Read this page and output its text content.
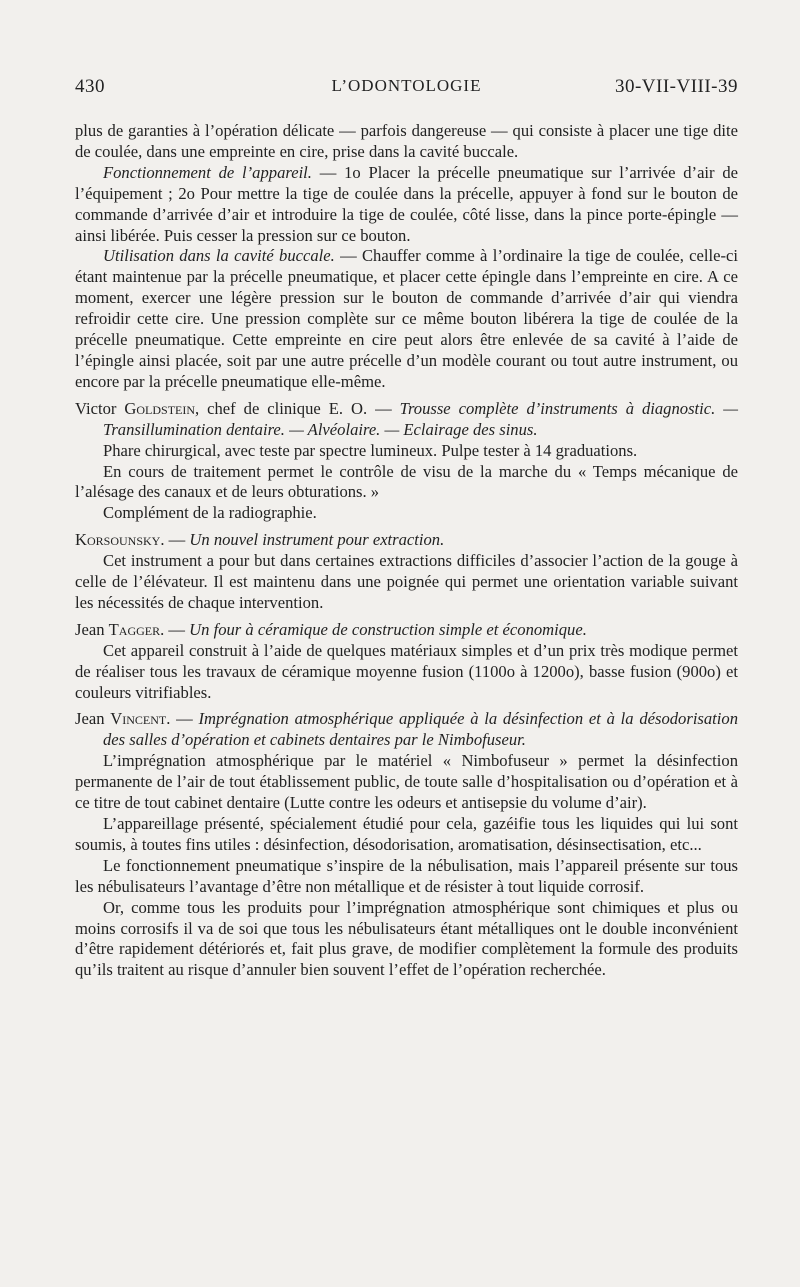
430	L’ODONTOLOGIE	30-VII-VIII-39

plus de garanties à l’opération délicate — parfois dangereuse — qui consiste à placer une tige dite de coulée, dans une empreinte en cire, prise dans la cavité buccale.

Fonctionnement de l’appareil. — 1o Placer la précelle pneumatique sur l’arrivée d’air de l’équipement ; 2o Pour mettre la tige de coulée dans la précelle, appuyer à fond sur le bouton de commande d’arrivée d’air et introduire la tige de coulée, côté lisse, dans la pince porte-épingle — ainsi libérée. Puis cesser la pression sur ce bouton.

Utilisation dans la cavité buccale. — Chauffer comme à l’ordinaire la tige de coulée, celle-ci étant maintenue par la précelle pneumatique, et placer cette épingle dans l’empreinte en cire. A ce moment, exercer une légère pression sur le bouton de commande d’arrivée d’air qui viendra refroidir cette cire. Une pression complète sur ce même bouton libérera la tige de coulée de la précelle pneumatique. Cette empreinte en cire peut alors être enlevée de sa cavité à l’aide de l’épingle ainsi placée, soit par une autre précelle d’un modèle courant ou tout autre instrument, ou encore par la précelle pneumatique elle-même.

Victor Goldstein, chef de clinique E. O. — Trousse complète d’instruments à diagnostic. — Transillumination dentaire. — Alvéolaire. — Eclairage des sinus.

Phare chirurgical, avec teste par spectre lumineux. Pulpe tester à 14 graduations.

En cours de traitement permet le contrôle de visu de la marche du « Temps mécanique de l’alésage des canaux et de leurs obturations. »

Complément de la radiographie.

Korsounsky. — Un nouvel instrument pour extraction.

Cet instrument a pour but dans certaines extractions difficiles d’associer l’action de la gouge à celle de l’élévateur. Il est maintenu dans une poignée qui permet une orientation variable suivant les nécessités de chaque intervention.

Jean Tagger. — Un four à céramique de construction simple et économique.

Cet appareil construit à l’aide de quelques matériaux simples et d’un prix très modique permet de réaliser tous les travaux de céramique moyenne fusion (1100o à 1200o), basse fusion (900o) et couleurs vitrifiables.

Jean Vincent. — Imprégnation atmosphérique appliquée à la désinfection et à la désodorisation des salles d’opération et cabinets dentaires par le Nimbofuseur.

L’imprégnation atmosphérique par le matériel « Nimbofuseur » permet la désinfection permanente de l’air de tout établissement public, de toute salle d’hospitalisation ou d’opération et à ce titre de tout cabinet dentaire (Lutte contre les odeurs et antisepsie du volume d’air).

L’appareillage présenté, spécialement étudié pour cela, gazéifie tous les liquides qui lui sont soumis, à toutes fins utiles : désinfection, désodorisation, aromatisation, désinsectisation, etc...

Le fonctionnement pneumatique s’inspire de la nébulisation, mais l’appareil présente sur tous les nébulisateurs l’avantage d’être non métallique et de résister à tout liquide corrosif.

Or, comme tous les produits pour l’imprégnation atmosphérique sont chimiques et plus ou moins corrosifs il va de soi que tous les nébulisateurs étant métalliques ont le double inconvénient d’être rapidement détériorés et, fait plus grave, de modifier complètement la formule des produits qu’ils traitent au risque d’annuler bien souvent l’effet de l’opération recherchée.
